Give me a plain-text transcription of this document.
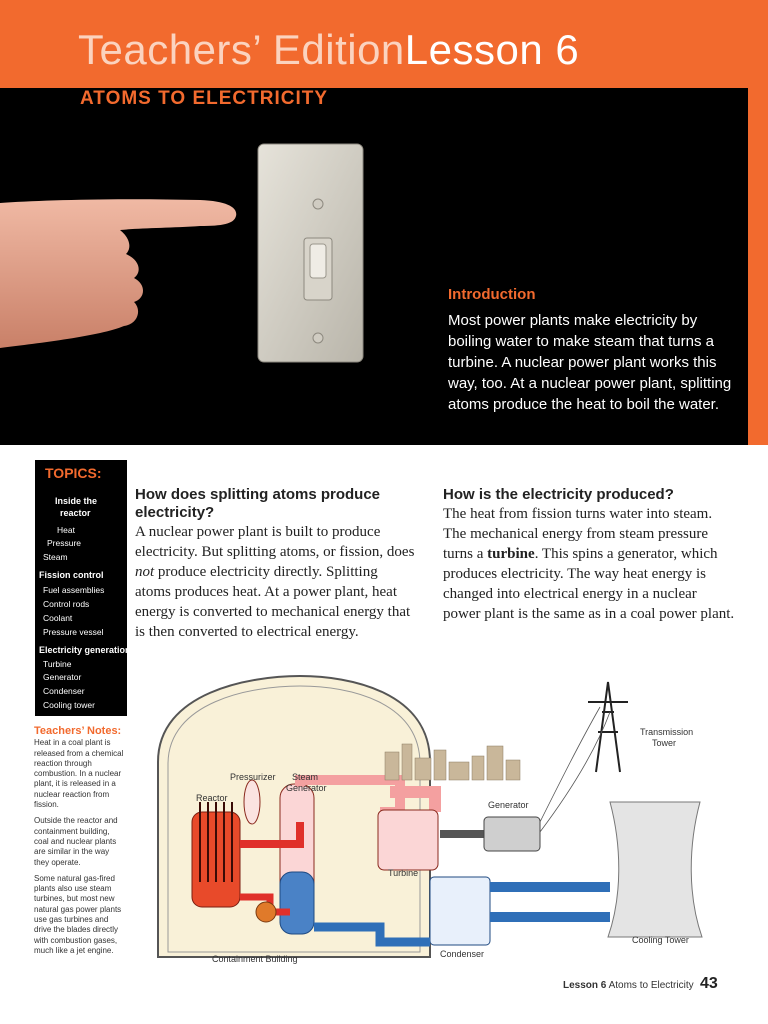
Teachers’ EditionLesson 6
ATOMS TO ELECTRICITY
Introduction
Most power plants make electricity by boiling water to make steam that turns a turbine. A nuclear power plant works this way, too. At a nuclear power plant, splitting atoms produce the heat to boil the water.
TOPICS:
Inside the
reactor
Heat
Pressure
Steam
Fission control
Fuel assemblies
Control rods
Coolant
Pressure vessel
Electricity generation
Turbine
Generator
Condenser
Cooling tower
Teachers’ Notes:

Heat in a coal plant is released from a chemical reaction through combustion. In a nuclear plant, it is released in a nuclear reaction from fission.

Outside the reactor and containment building, coal and nuclear plants are similar in the way they operate.

Some natural gas-fired plants also use steam turbines, but most new natural gas power plants use gas turbines and drive the blades directly with combustion gases, much like a jet engine.

How does splitting atoms produce electricity?
A nuclear power plant is built to produce electricity. But splitting atoms, or fission, does not produce electricity directly. Splitting atoms produces heat. At a power plant, heat energy is converted to mechanical energy that is then converted to electrical energy.
How is the electricity produced?
The heat from fission turns water into steam. The mechanical energy from steam pressure turns a turbine. This spins a generator, which produces electricity. The way heat energy is changed into electrical energy in a nuclear power plant is the same as in a coal power plant.
Pressurizer Steam
Generator
Reactor
Containment Building
Turbine
Generator
Condenser
Cooling Tower
Transmission
Tower
Lesson 6 Atoms to Electricity 43
